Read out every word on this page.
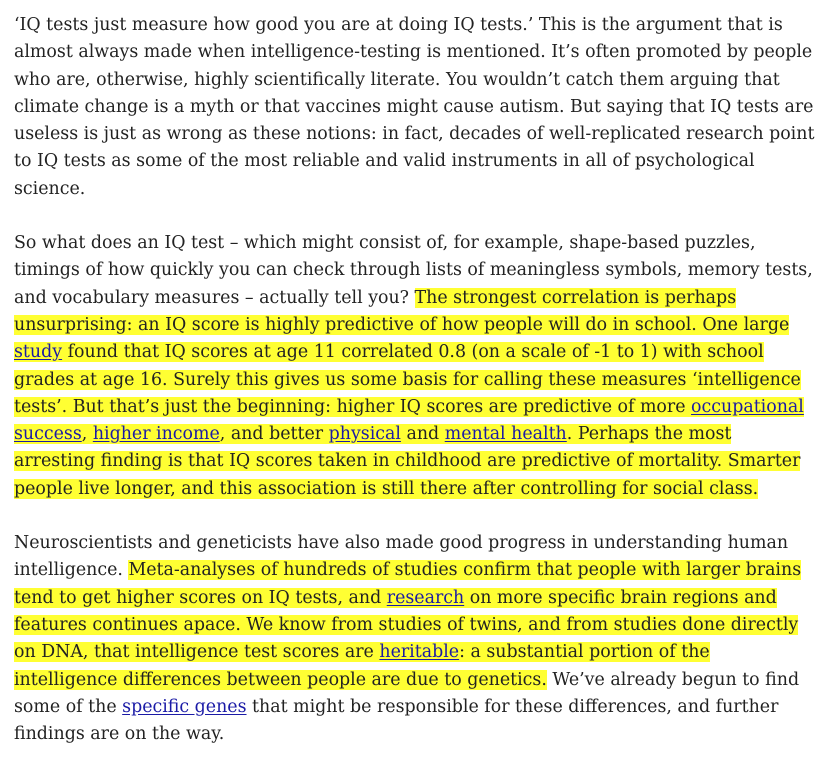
‘IQ tests just measure how good you are at doing IQ tests.’ This is the argument that is almost always made when intelligence-testing is mentioned. It’s often promoted by people who are, otherwise, highly scientifically literate. You wouldn’t catch them arguing that climate change is a myth or that vaccines might cause autism. But saying that IQ tests are useless is just as wrong as these notions: in fact, decades of well-replicated research point to IQ tests as some of the most reliable and valid instruments in all of psychological science.

So what does an IQ test – which might consist of, for example, shape-based puzzles, timings of how quickly you can check through lists of meaningless symbols, memory tests, and vocabulary measures – actually tell you? The strongest correlation is perhaps unsurprising: an IQ score is highly predictive of how people will do in school. One large study found that IQ scores at age 11 correlated 0.8 (on a scale of -1 to 1) with school grades at age 16. Surely this gives us some basis for calling these measures ‘intelligence tests’. But that’s just the beginning: higher IQ scores are predictive of more occupational success, higher income, and better physical and mental health. Perhaps the most arresting finding is that IQ scores taken in childhood are predictive of mortality. Smarter people live longer, and this association is still there after controlling for social class.

Neuroscientists and geneticists have also made good progress in understanding human intelligence. Meta-analyses of hundreds of studies confirm that people with larger brains tend to get higher scores on IQ tests, and research on more specific brain regions and features continues apace. We know from studies of twins, and from studies done directly on DNA, that intelligence test scores are heritable: a substantial portion of the intelligence differences between people are due to genetics. We’ve already begun to find some of the specific genes that might be responsible for these differences, and further findings are on the way.
